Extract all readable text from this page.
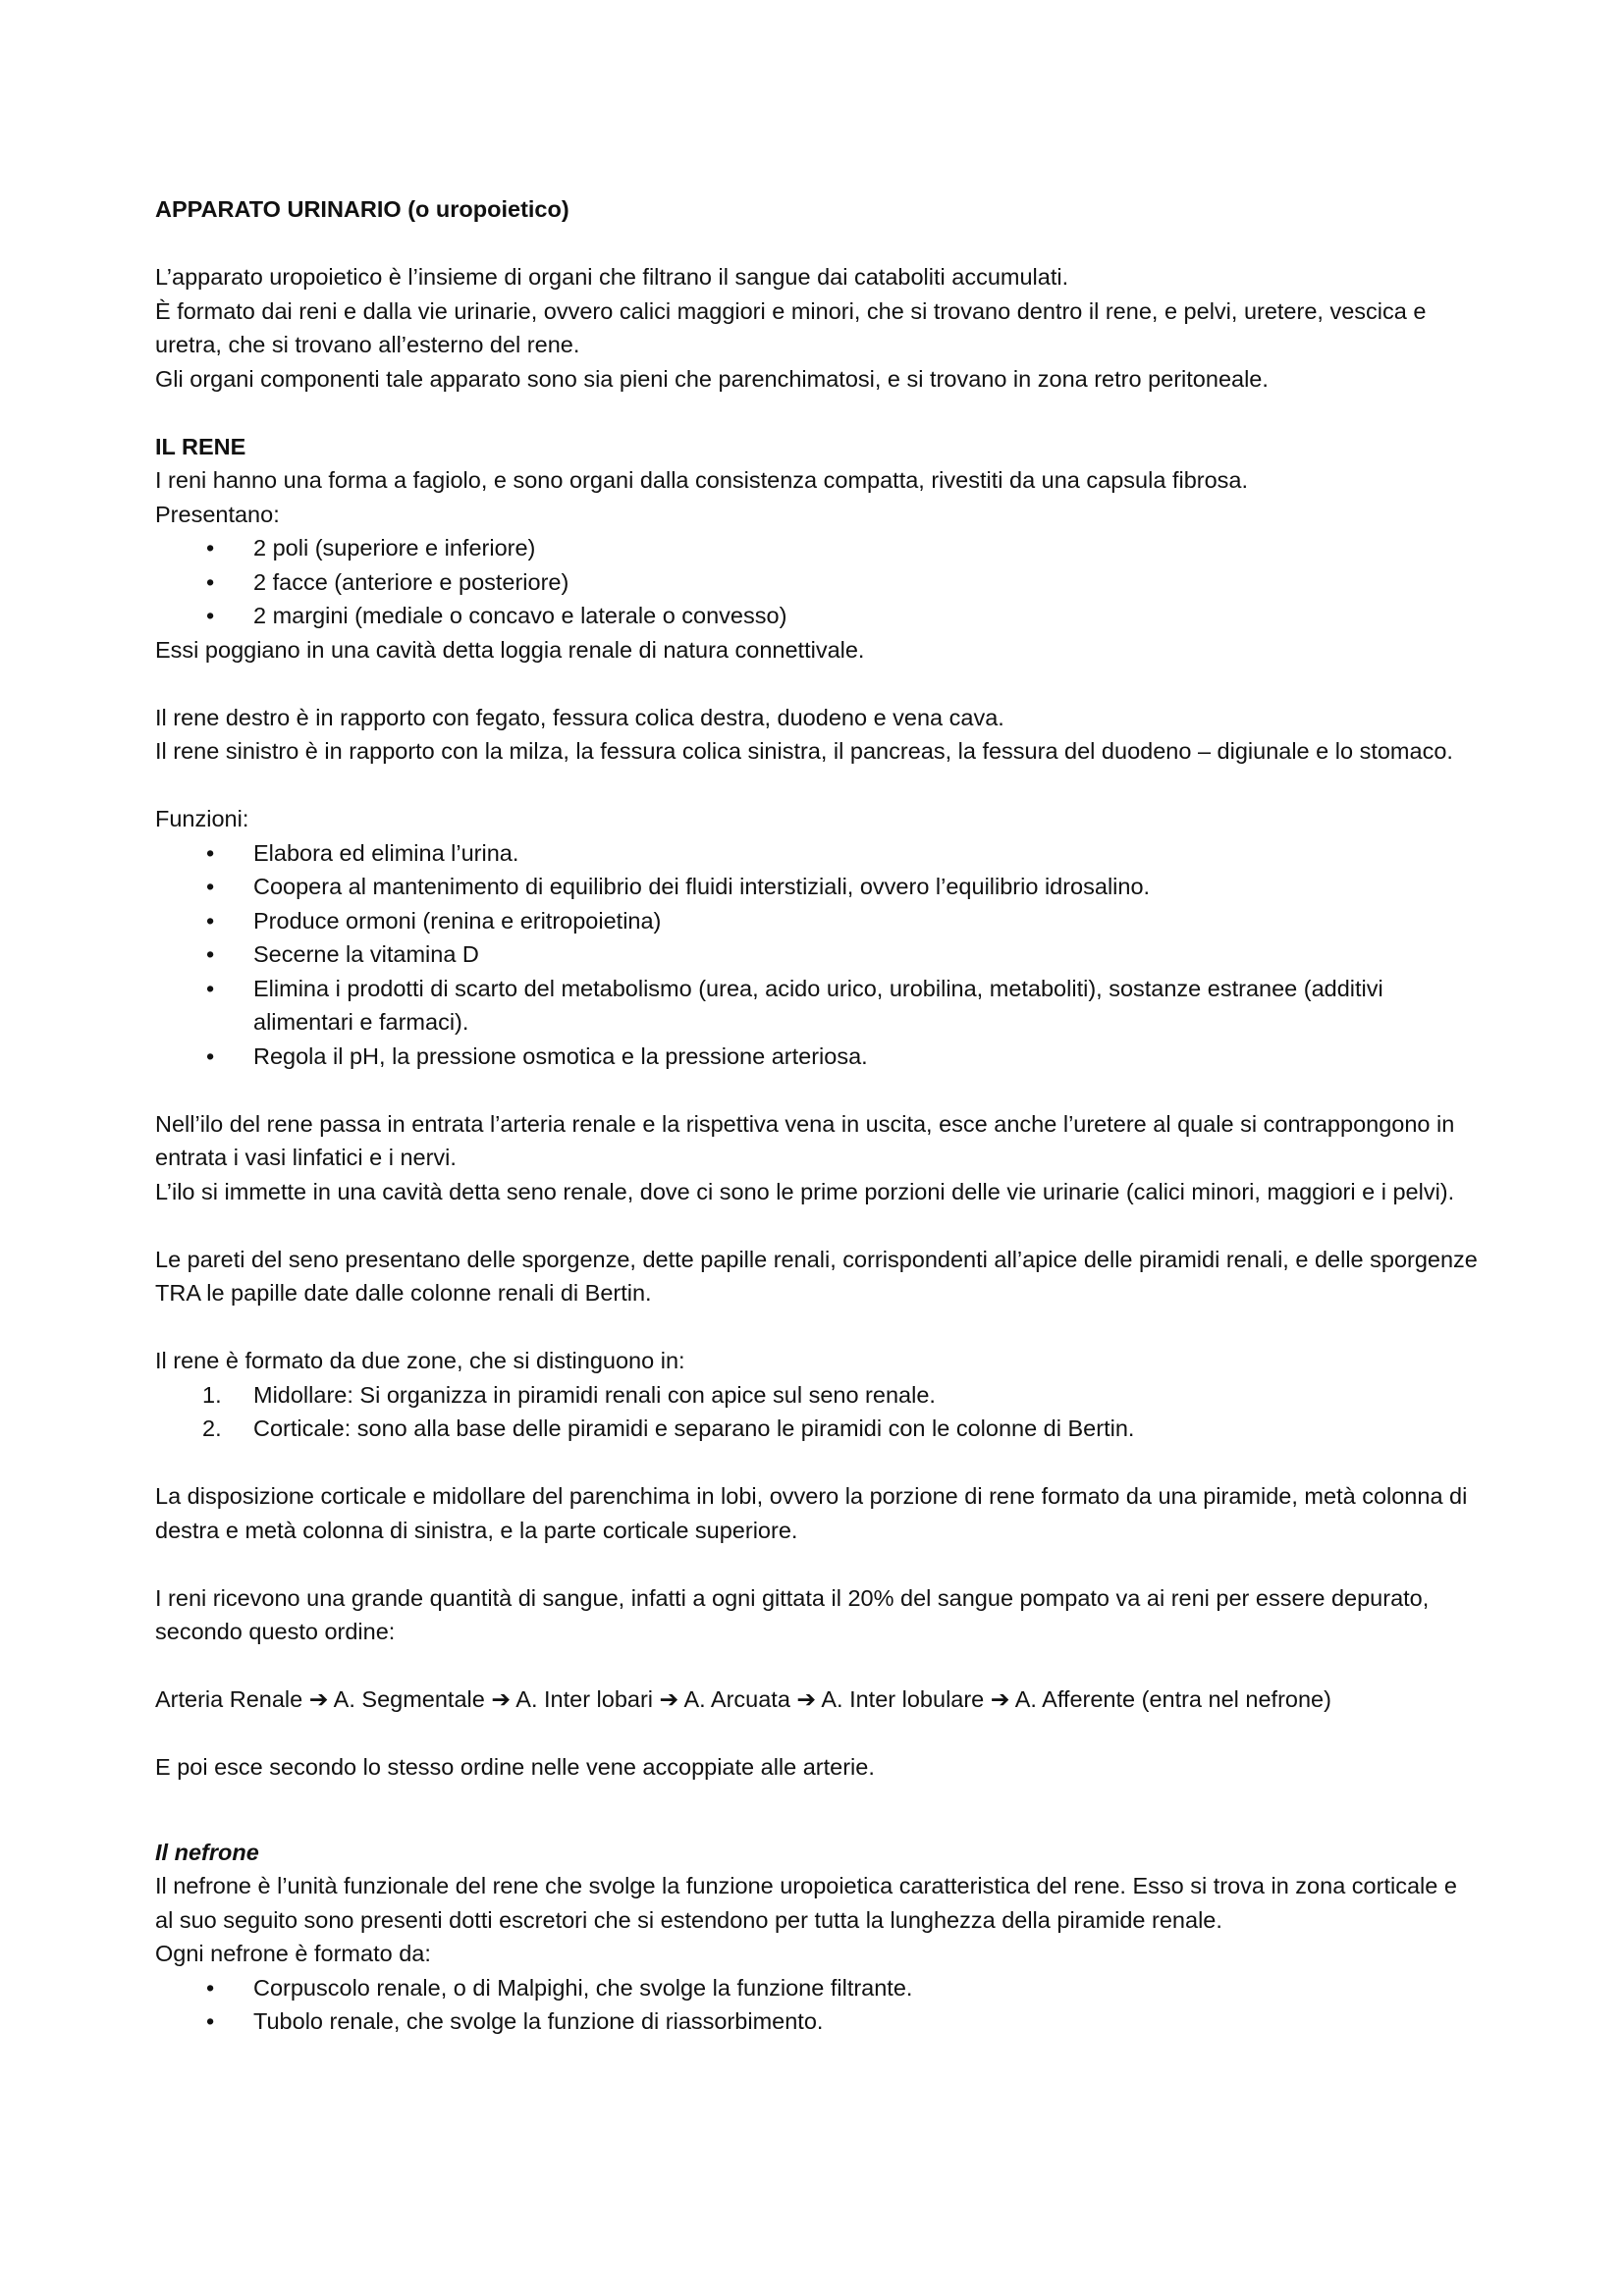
APPARATO URINARIO (o uropoietico)

L’apparato uropoietico è l’insieme di organi che filtrano il sangue dai cataboliti accumulati.

È formato dai reni e dalla vie urinarie, ovvero calici maggiori e minori, che si trovano dentro il rene, e pelvi, uretere, vescica e uretra, che si trovano all’esterno del rene.

Gli organi componenti tale apparato sono sia pieni che parenchimatosi, e si trovano in zona retro peritoneale.

IL RENE

I reni hanno una forma a fagiolo, e sono organi dalla consistenza compatta, rivestiti da una capsula fibrosa.

Presentano:

• 2 poli (superiore e inferiore)
• 2 facce (anteriore e posteriore)
• 2 margini (mediale o concavo e laterale o convesso)

Essi poggiano in una cavità detta loggia renale di natura connettivale.

Il rene destro è in rapporto con fegato, fessura colica destra, duodeno e vena cava.

Il rene sinistro è in rapporto con la milza, la fessura colica sinistra, il pancreas, la fessura del duodeno – digiunale e lo stomaco.

Funzioni:

• Elabora ed elimina l’urina.
• Coopera al mantenimento di equilibrio dei fluidi interstiziali, ovvero l’equilibrio idrosalino.
• Produce ormoni (renina e eritropoietina)
• Secerne la vitamina D
• Elimina i prodotti di scarto del metabolismo (urea, acido urico, urobilina, metaboliti), sostanze estranee (additivi alimentari e farmaci).
• Regola il pH, la pressione osmotica e la pressione arteriosa.

Nell’ilo del rene passa in entrata l’arteria renale e la rispettiva vena in uscita, esce anche l’uretere al quale si contrappongono in entrata i vasi linfatici e i nervi.

L’ilo si immette in una cavità detta seno renale, dove ci sono le prime porzioni delle vie urinarie (calici minori, maggiori e i pelvi).

Le pareti del seno presentano delle sporgenze, dette papille renali, corrispondenti all’apice delle piramidi renali, e delle sporgenze TRA le papille date dalle colonne renali di Bertin.

Il rene è formato da due zone, che si distinguono in:

1. Midollare: Si organizza in piramidi renali con apice sul seno renale.
2. Corticale: sono alla base delle piramidi e separano le piramidi con le colonne di Bertin.

La disposizione corticale e midollare del parenchima in lobi, ovvero la porzione di rene formato da una piramide, metà colonna di destra e metà colonna di sinistra, e la parte corticale superiore.

I reni ricevono una grande quantità di sangue, infatti a ogni gittata il 20% del sangue pompato va ai reni per essere depurato, secondo questo ordine:

Arteria Renale ➔ A. Segmentale ➔ A. Inter lobari ➔ A. Arcuata ➔ A. Inter lobulare ➔ A. Afferente (entra nel nefrone)

E poi esce secondo lo stesso ordine nelle vene accoppiate alle arterie.

Il nefrone

Il nefrone è l’unità funzionale del rene che svolge la funzione uropoietica caratteristica del rene. Esso si trova in zona corticale e al suo seguito sono presenti dotti escretori che si estendono per tutta la lunghezza della piramide renale.

Ogni nefrone è formato da:

• Corpuscolo renale, o di Malpighi, che svolge la funzione filtrante.
• Tubolo renale, che svolge la funzione di riassorbimento.
